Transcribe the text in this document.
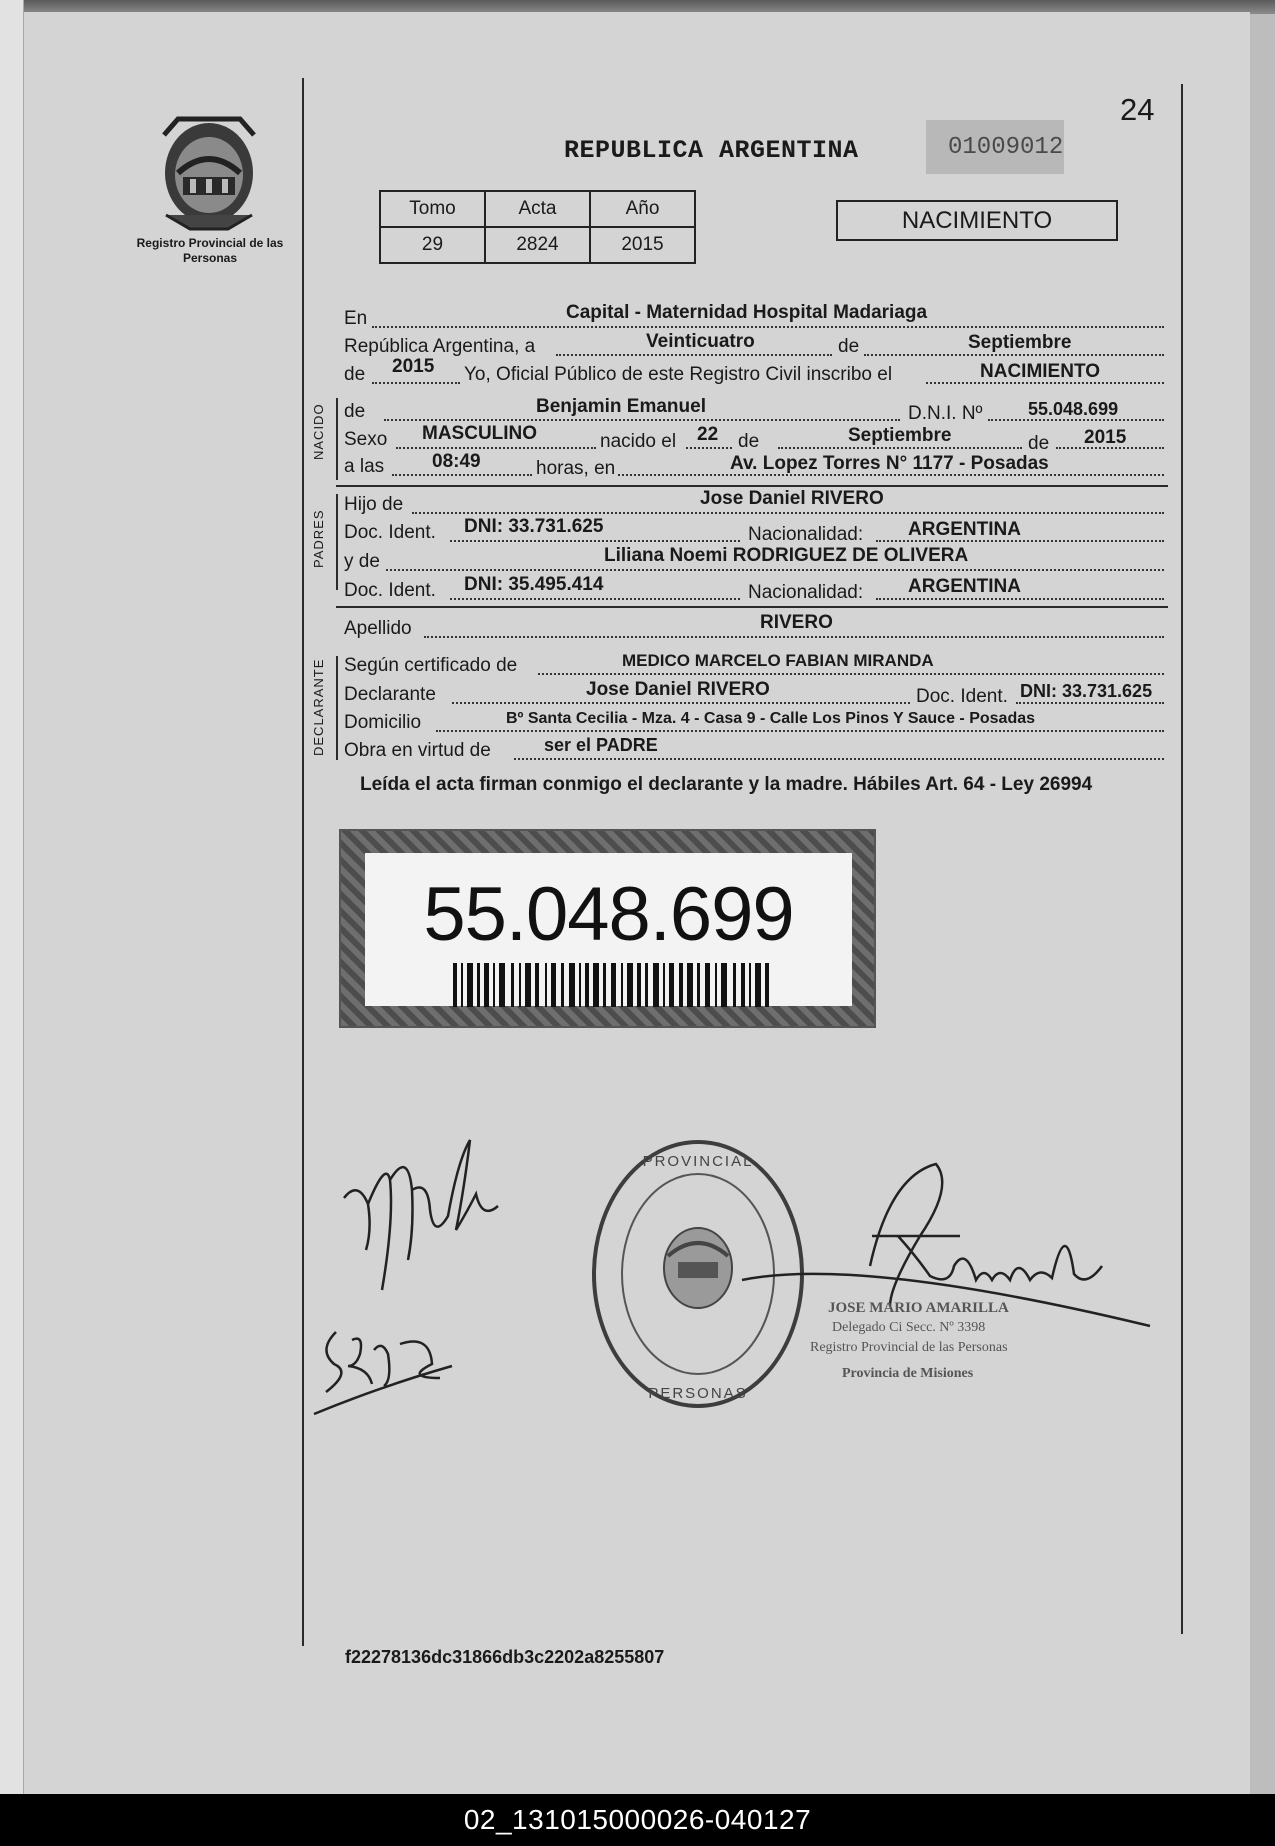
Registro Provincial de las Personas
24
REPUBLICA ARGENTINA	01009012
Tomo	Acta	Año
29	2824	2015
NACIMIENTO
NACIDO
PADRES
DECLARANTE
En	Capital - Maternidad Hospital Madariaga
República Argentina, a	Veinticuatro	de	Septiembre
de 2015 Yo, Oficial Público de este Registro Civil inscribo el	NACIMIENTO
de	Benjamin Emanuel	D.N.I. Nº	55.048.699
Sexo MASCULINO	nacido el 22 de	Septiembre	de 2015
a las	08:49	horas, en	Av. Lopez Torres N° 1177 - Posadas
Hijo de	Jose Daniel RIVERO
Doc. Ident. DNI: 33.731.625	Nacionalidad: ARGENTINA
y de	Liliana Noemi RODRIGUEZ DE OLIVERA
Doc. Ident. DNI: 35.495.414	Nacionalidad: ARGENTINA
Apellido	RIVERO
Según certificado de	MEDICO MARCELO FABIAN MIRANDA
Declarante	Jose Daniel RIVERO	Doc. Ident. DNI: 33.731.625
Domicilio	Bº Santa Cecilia - Mza. 4 - Casa 9 - Calle Los Pinos Y Sauce - Posadas
Obra en virtud de	ser el PADRE
Leída el acta firman conmigo el declarante y la madre. Hábiles Art. 64 - Ley 26994
55.048.699
PROVINCIAL
PERSONAS
JOSE MARIO AMARILLA
Delegado Ci Secc. Nº 3398
Registro Provincial de las Personas
Provincia de Misiones
f22278136dc31866db3c2202a8255807
02_131015000026-040127
